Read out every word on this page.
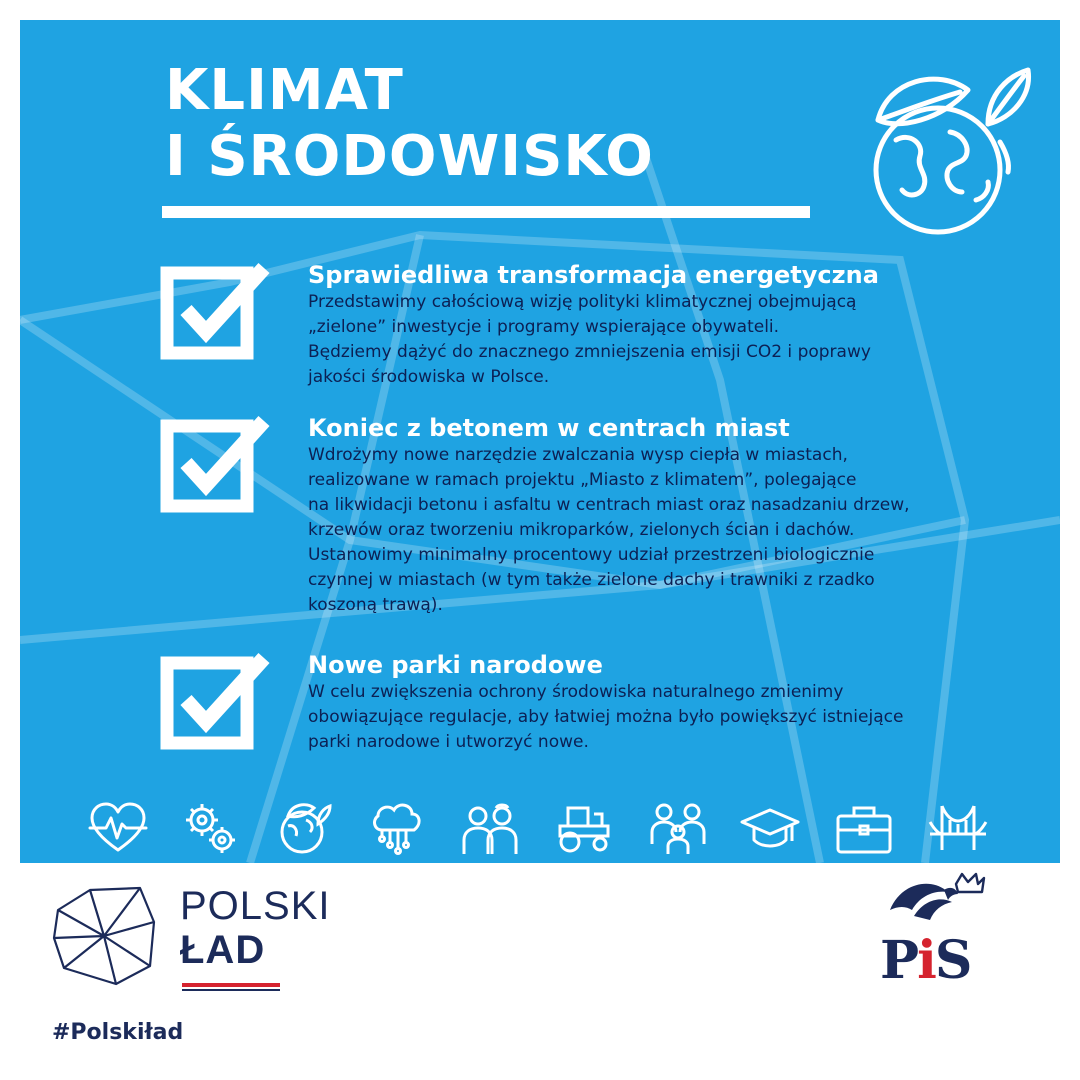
KLIMAT
I ŚRODOWISKO
Sprawiedliwa transformacja energetyczna

Przedstawimy całościową wizję polityki klimatycznej obejmującą
„zielone” inwestycje i programy wspierające obywateli.
Będziemy dążyć do znacznego zmniejszenia emisji CO2 i poprawy
jakości środowiska w Polsce.

Koniec z betonem w centrach miast

Wdrożymy nowe narzędzie zwalczania wysp ciepła w miastach,
realizowane w ramach projektu „Miasto z klimatem”, polegające
na likwidacji betonu i asfaltu w centrach miast oraz nasadzaniu drzew,
krzewów oraz tworzeniu mikroparków, zielonych ścian i dachów.
Ustanowimy minimalny procentowy udział przestrzeni biologicznie
czynnej w miastach (w tym także zielone dachy i trawniki z rzadko
koszoną trawą).

Nowe parki narodowe

W celu zwiększenia ochrony środowiska naturalnego zmienimy
obowiązujące regulacje, aby łatwiej można było powiększyć istniejące
parki narodowe i utworzyć nowe.

POLSKI
ŁAD
#Polskiład
PiS
